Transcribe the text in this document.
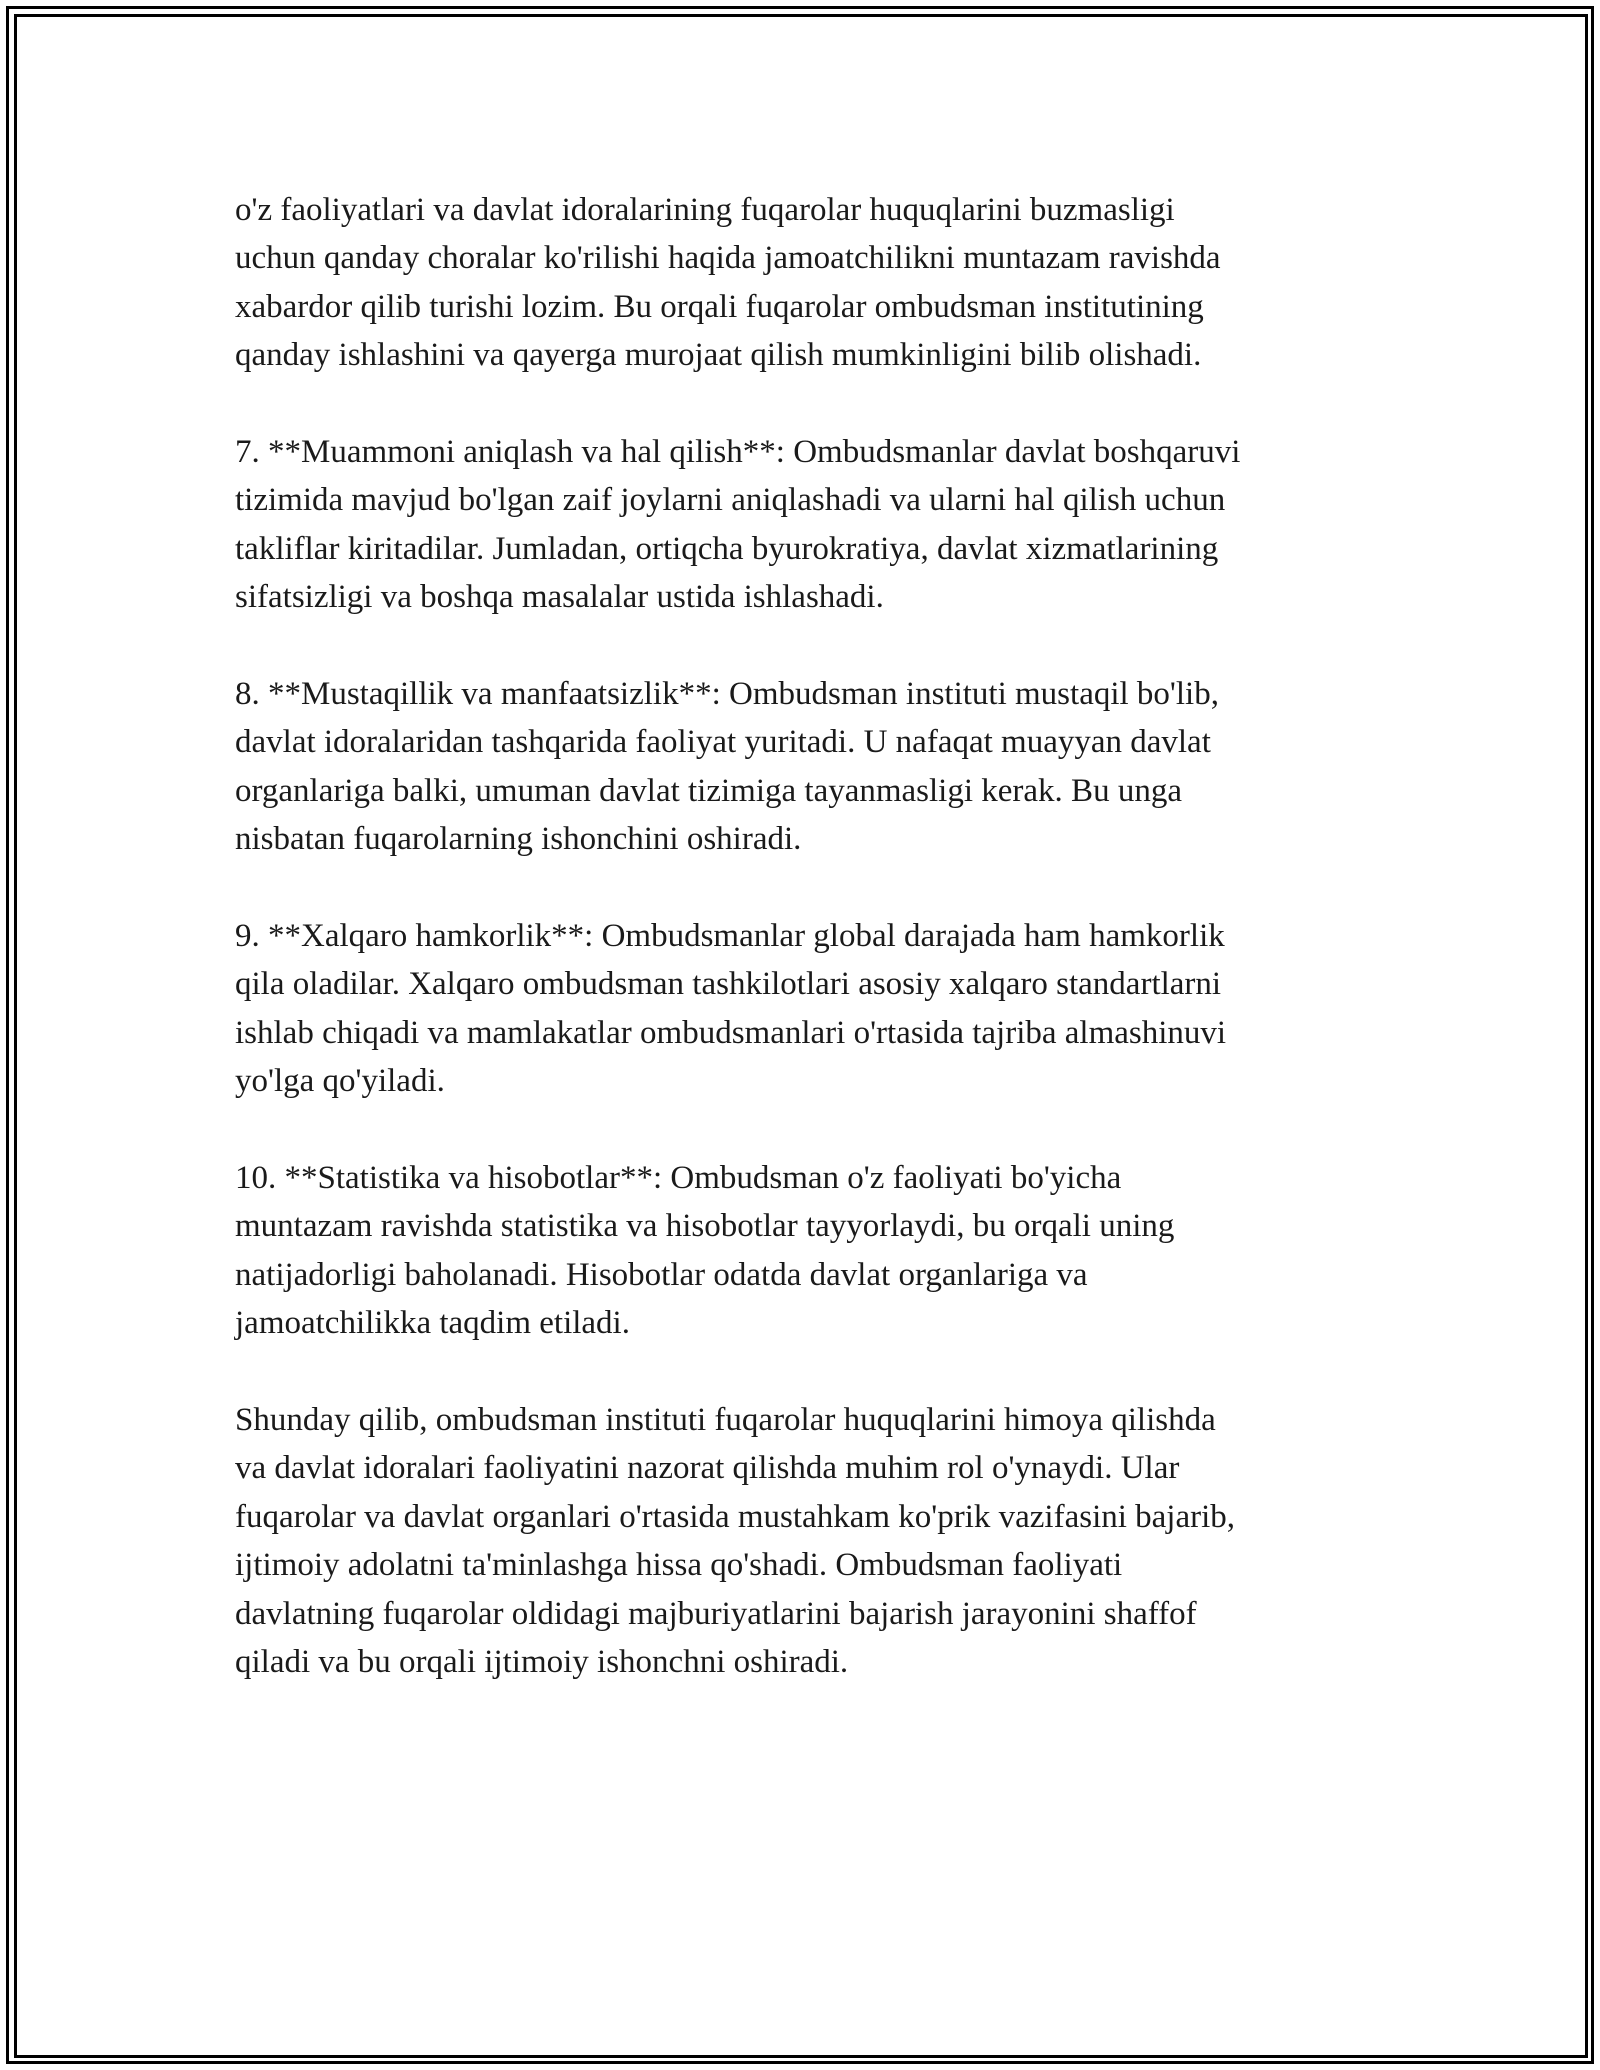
o'z faoliyatlari va davlat idoralarining fuqarolar huquqlarini buzmasligi
uchun qanday choralar ko'rilishi haqida jamoatchilikni muntazam ravishda
xabardor qilib turishi lozim. Bu orqali fuqarolar ombudsman institutining
qanday ishlashini va qayerga murojaat qilish mumkinligini bilib olishadi.

7. **Muammoni aniqlash va hal qilish**: Ombudsmanlar davlat boshqaruvi
tizimida mavjud bo'lgan zaif joylarni aniqlashadi va ularni hal qilish uchun
takliflar kiritadilar. Jumladan, ortiqcha byurokratiya, davlat xizmatlarining
sifatsizligi va boshqa masalalar ustida ishlashadi.

8. **Mustaqillik va manfaatsizlik**: Ombudsman instituti mustaqil bo'lib,
davlat idoralaridan tashqarida faoliyat yuritadi. U nafaqat muayyan davlat
organlariga balki, umuman davlat tizimiga tayanmasligi kerak. Bu unga
nisbatan fuqarolarning ishonchini oshiradi.

9. **Xalqaro hamkorlik**: Ombudsmanlar global darajada ham hamkorlik
qila oladilar. Xalqaro ombudsman tashkilotlari asosiy xalqaro standartlarni
ishlab chiqadi va mamlakatlar ombudsmanlari o'rtasida tajriba almashinuvi
yo'lga qo'yiladi.

10. **Statistika va hisobotlar**: Ombudsman o'z faoliyati bo'yicha
muntazam ravishda statistika va hisobotlar tayyorlaydi, bu orqali uning
natijadorligi baholanadi. Hisobotlar odatda davlat organlariga va
jamoatchilikka taqdim etiladi.

Shunday qilib, ombudsman instituti fuqarolar huquqlarini himoya qilishda
va davlat idoralari faoliyatini nazorat qilishda muhim rol o'ynaydi. Ular
fuqarolar va davlat organlari o'rtasida mustahkam ko'prik vazifasini bajarib,
ijtimoiy adolatni ta'minlashga hissa qo'shadi. Ombudsman faoliyati
davlatning fuqarolar oldidagi majburiyatlarini bajarish jarayonini shaffof
qiladi va bu orqali ijtimoiy ishonchni oshiradi.
